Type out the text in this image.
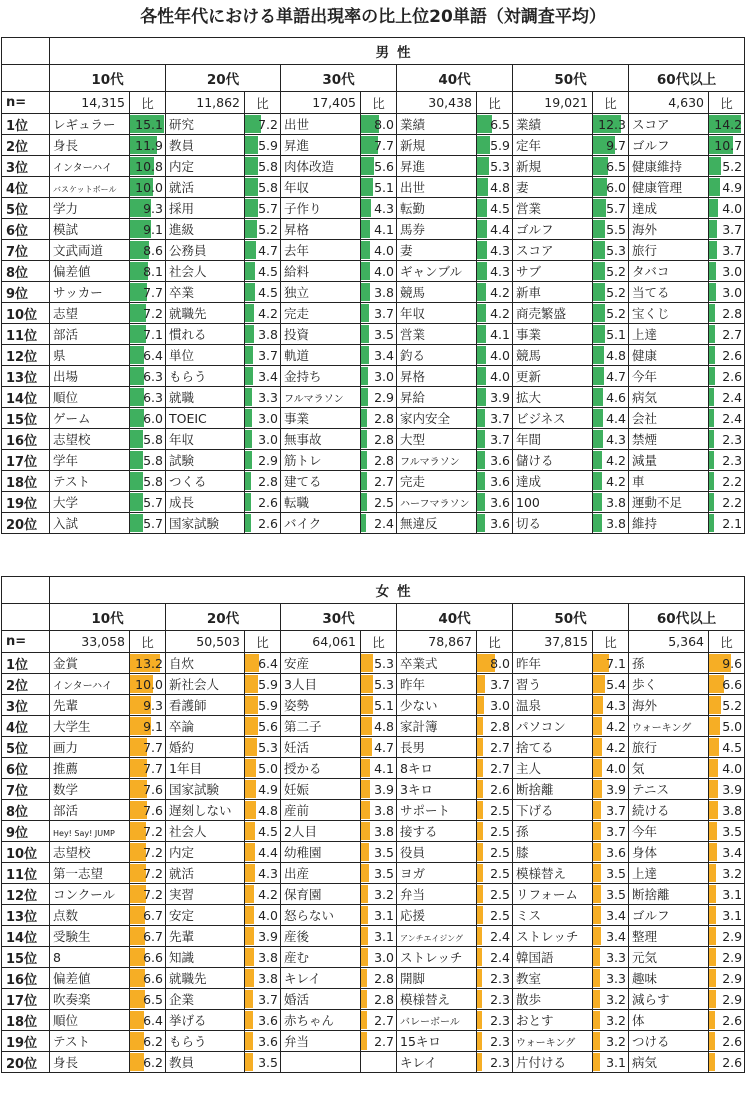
各性年代における単語出現率の比上位20単語（対調査平均）
	男性											
	10代		20代		30代		40代		50代		60代以上	
n=	14,315	比	11,862	比	17,405	比	30,438	比	19,021	比	4,630	比
1位	レギュラー	15.1	研究	7.2	出世	8.0	業績	6.5	業績	12.3	スコア	14.2
2位	身長	11.9	教員	5.9	昇進	7.7	新規	5.9	定年	9.7	ゴルフ	10.7
3位	インターハイ	10.8	内定	5.8	肉体改造	5.6	昇進	5.3	新規	6.5	健康維持	5.2
4位	バスケットボール	10.0	就活	5.8	年収	5.1	出世	4.8	妻	6.0	健康管理	4.9
5位	学力	9.3	採用	5.7	子作り	4.3	転勤	4.5	営業	5.7	達成	4.0
6位	模試	9.1	進級	5.2	昇格	4.1	馬券	4.4	ゴルフ	5.5	海外	3.7
7位	文武両道	8.6	公務員	4.7	去年	4.0	妻	4.3	スコア	5.3	旅行	3.7
8位	偏差値	8.1	社会人	4.5	給料	4.0	ギャンブル	4.3	サブ	5.2	タバコ	3.0
9位	サッカー	7.7	卒業	4.5	独立	3.8	競馬	4.2	新車	5.2	当てる	3.0
10位	志望	7.2	就職先	4.2	完走	3.7	年収	4.2	商売繁盛	5.2	宝くじ	2.8
11位	部活	7.1	慣れる	3.8	投資	3.5	営業	4.1	事業	5.1	上達	2.7
12位	県	6.4	単位	3.7	軌道	3.4	釣る	4.0	競馬	4.8	健康	2.6
13位	出場	6.3	もらう	3.4	金持ち	3.0	昇格	4.0	更新	4.7	今年	2.6
14位	順位	6.3	就職	3.3	フルマラソン	2.9	昇給	3.9	拡大	4.6	病気	2.4
15位	ゲーム	6.0	TOEIC	3.0	事業	2.8	家内安全	3.7	ビジネス	4.4	会社	2.4
16位	志望校	5.8	年収	3.0	無事故	2.8	大型	3.7	年間	4.3	禁煙	2.3
17位	学年	5.8	試験	2.9	筋トレ	2.8	フルマラソン	3.6	儲ける	4.2	減量	2.3
18位	テスト	5.8	つくる	2.8	建てる	2.7	完走	3.6	達成	4.2	車	2.2
19位	大学	5.7	成長	2.6	転職	2.5	ハーフマラソン	3.6	100	3.8	運動不足	2.2
20位	入試	5.7	国家試験	2.6	バイク	2.4	無違反	3.6	切る	3.8	維持	2.1
	女性											
	10代		20代		30代		40代		50代		60代以上	
n=	33,058	比	50,503	比	64,061	比	78,867	比	37,815	比	5,364	比
1位	金賞	13.2	自炊	6.4	安産	5.3	卒業式	8.0	昨年	7.1	孫	9.6
2位	インターハイ	10.0	新社会人	5.9	3人目	5.3	昨年	3.7	習う	5.4	歩く	6.6
3位	先輩	9.3	看護師	5.9	姿勢	5.1	少ない	3.0	温泉	4.3	海外	5.2
4位	大学生	9.1	卒論	5.6	第二子	4.8	家計簿	2.8	パソコン	4.2	ウォーキング	5.0
5位	画力	7.7	婚約	5.3	妊活	4.7	長男	2.7	捨てる	4.2	旅行	4.5
6位	推薦	7.7	1年目	5.0	授かる	4.1	8キロ	2.7	主人	4.0	気	4.0
7位	数学	7.6	国家試験	4.9	妊娠	3.9	3キロ	2.6	断捨離	3.9	テニス	3.9
8位	部活	7.6	遅刻しない	4.8	産前	3.8	サポート	2.5	下げる	3.7	続ける	3.8
9位	Hey! Say! JUMP	7.2	社会人	4.5	2人目	3.8	接する	2.5	孫	3.7	今年	3.5
10位	志望校	7.2	内定	4.4	幼稚園	3.5	役員	2.5	膝	3.6	身体	3.4
11位	第一志望	7.2	就活	4.3	出産	3.5	ヨガ	2.5	模様替え	3.5	上達	3.2
12位	コンクール	7.2	実習	4.2	保育園	3.2	弁当	2.5	リフォーム	3.5	断捨離	3.1
13位	点数	6.7	安定	4.0	怒らない	3.1	応援	2.5	ミス	3.4	ゴルフ	3.1
14位	受験生	6.7	先輩	3.9	産後	3.1	アンチエイジング	2.4	ストレッチ	3.4	整理	2.9
15位	8	6.6	知識	3.8	産む	3.0	ストレッチ	2.4	韓国語	3.3	元気	2.9
16位	偏差値	6.6	就職先	3.8	キレイ	2.8	開脚	2.3	教室	3.3	趣味	2.9
17位	吹奏楽	6.5	企業	3.7	婚活	2.8	模様替え	2.3	散歩	3.2	減らす	2.9
18位	順位	6.4	挙げる	3.6	赤ちゃん	2.7	バレーボール	2.3	おとす	3.2	体	2.6
19位	テスト	6.2	もらう	3.6	弁当	2.7	15キロ	2.3	ウォーキング	3.2	つける	2.6
20位	身長	6.2	教員	3.5			キレイ	2.3	片付ける	3.1	病気	2.6
